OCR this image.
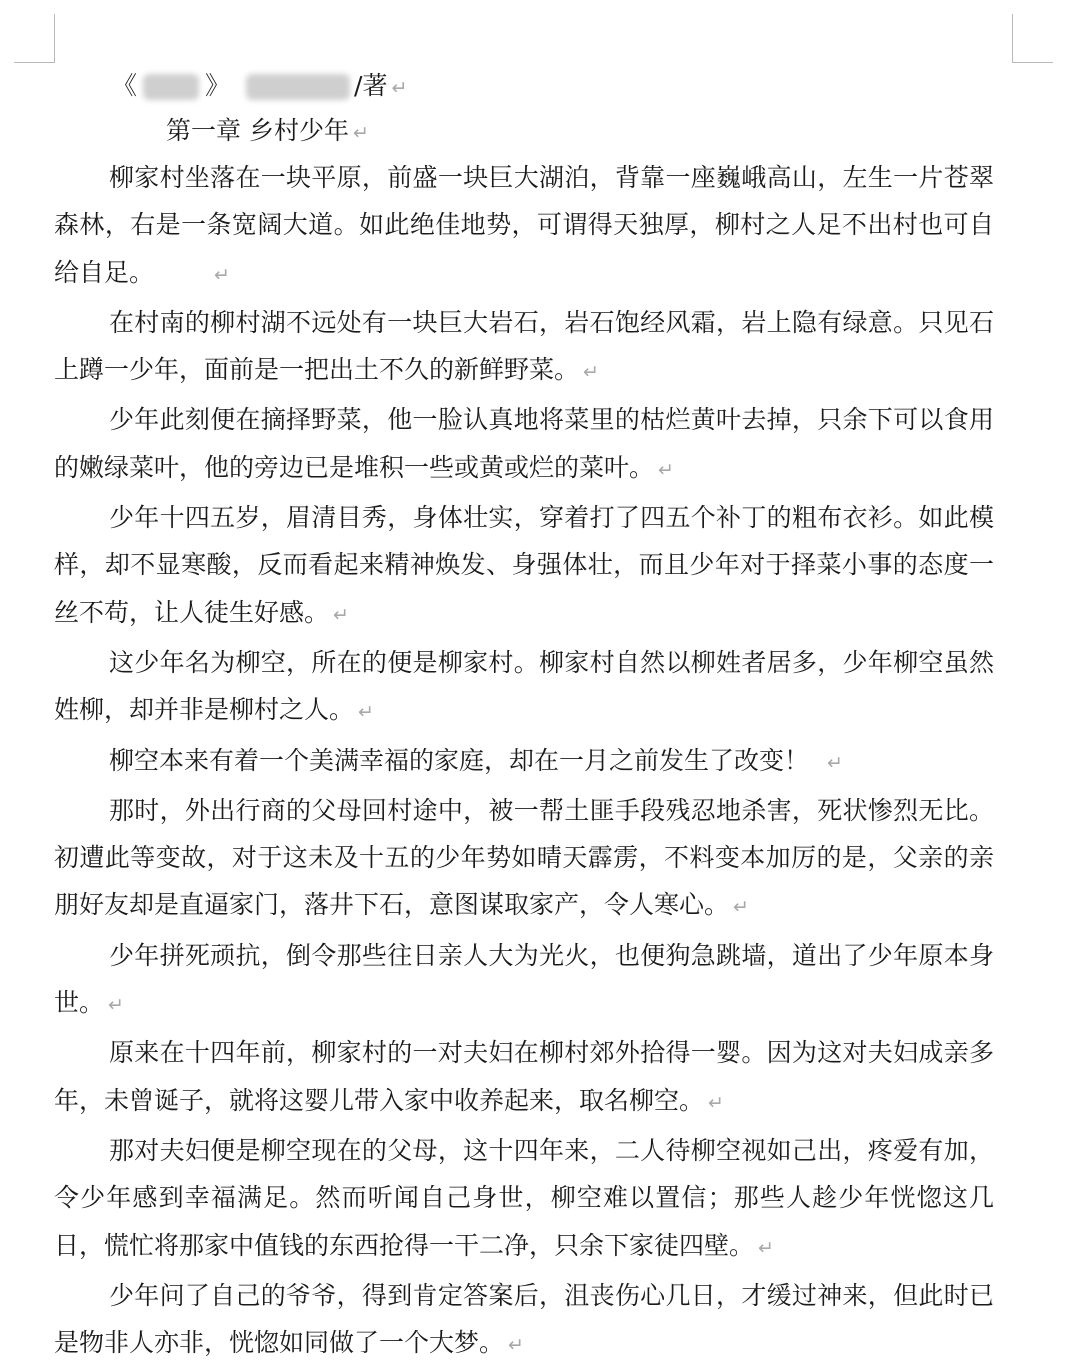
《	》	/著 ↵
第一章 乡村少年 ↵

柳家村坐落在一块平原，前盛一块巨大湖泊，背靠一座巍峨高山，左生一片苍翠森林，右是一条宽阔大道。如此绝佳地势，可谓得天独厚，柳村之人足不出村也可自给自足。	↵

在村南的柳村湖不远处有一块巨大岩石，岩石饱经风霜，岩上隐有绿意。只见石上蹲一少年，面前是一把出土不久的新鲜野菜。 ↵

少年此刻便在摘择野菜，他一脸认真地将菜里的枯烂黄叶去掉，只余下可以食用的嫩绿菜叶，他的旁边已是堆积一些或黄或烂的菜叶。 ↵

少年十四五岁，眉清目秀，身体壮实，穿着打了四五个补丁的粗布衣衫。如此模样，却不显寒酸，反而看起来精神焕发、身强体壮，而且少年对于择菜小事的态度一丝不苟，让人徒生好感。 ↵

这少年名为柳空，所在的便是柳家村。柳家村自然以柳姓者居多，少年柳空虽然姓柳，却并非是柳村之人。 ↵

柳空本来有着一个美满幸福的家庭，却在一月之前发生了改变！ ↵

那时，外出行商的父母回村途中，被一帮土匪手段残忍地杀害，死状惨烈无比。初遭此等变故，对于这未及十五的少年势如晴天霹雳，不料变本加厉的是，父亲的亲朋好友却是直逼家门，落井下石，意图谋取家产，令人寒心。 ↵

少年拼死顽抗，倒令那些往日亲人大为光火，也便狗急跳墙，道出了少年原本身世。 ↵

原来在十四年前，柳家村的一对夫妇在柳村郊外拾得一婴。因为这对夫妇成亲多年，未曾诞子，就将这婴儿带入家中收养起来，取名柳空。 ↵

那对夫妇便是柳空现在的父母，这十四年来，二人待柳空视如己出，疼爱有加，令少年感到幸福满足。然而听闻自己身世，柳空难以置信；那些人趁少年恍惚这几日，慌忙将那家中值钱的东西抢得一干二净，只余下家徒四壁。 ↵

少年问了自己的爷爷，得到肯定答案后，沮丧伤心几日，才缓过神来，但此时已是物非人亦非，恍惚如同做了一个大梦。 ↵
